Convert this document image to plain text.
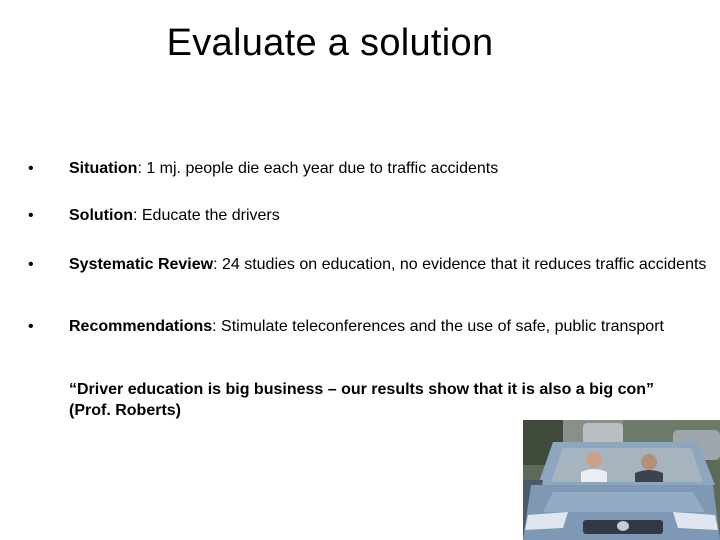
Evaluate a solution
• Situation: 1 mj. people die each year due to traffic accidents
• Solution: Educate the drivers
• Systematic Review: 24 studies on education, no evidence that it reduces traffic accidents
• Recommendations: Stimulate teleconferences and the use of safe, public transport
“Driver education is big business – our results show that it is also a big con”
(Prof. Roberts)
